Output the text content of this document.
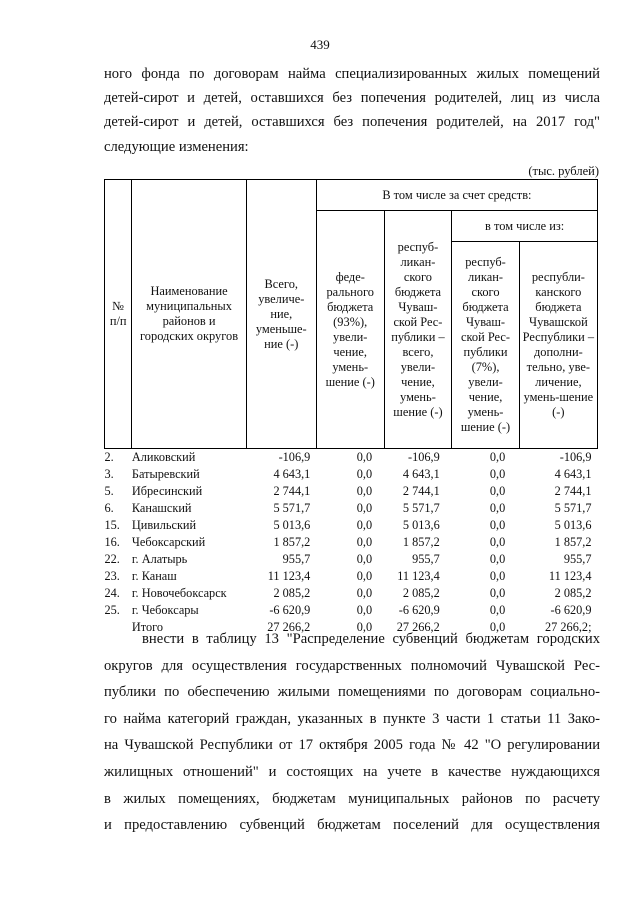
439
ного фонда по договорам найма специализированных жилых помещений
детей-сирот и детей, оставшихся без попечения родителей, лиц из числа
детей-сирот и детей, оставшихся без попечения родителей, на 2017 год"
следующие изменения:
(тыс. рублей)
№ п/п	Наименование муниципальных районов и городских округов	Всего, увеличе-ние, уменьше-ние (-)	В том числе за счет средств:			
			феде-рального бюджета (93%), увели-чение, умень-шение (-)	респуб-ликан-ского бюджета Чуваш-ской Рес-публики – всего, увели-чение, умень-шение (-)	в том числе из:	
					респуб-ликан-ского бюджета Чуваш-ской Рес-публики (7%), увели-чение, умень-шение (-)	республи-канского бюджета Чувашской Республики – дополни-тельно, уве-личение, умень-шение (-)
2.	Аликовский	-106,9	0,0	-106,9	0,0	-106,9
3.	Батыревский	4 643,1	0,0	4 643,1	0,0	4 643,1
5.	Ибресинский	2 744,1	0,0	2 744,1	0,0	2 744,1
6.	Канашский	5 571,7	0,0	5 571,7	0,0	5 571,7
15.	Цивильский	5 013,6	0,0	5 013,6	0,0	5 013,6
16.	Чебоксарский	1 857,2	0,0	1 857,2	0,0	1 857,2
22.	г. Алатырь	955,7	0,0	955,7	0,0	955,7
23.	г. Канаш	11 123,4	0,0	11 123,4	0,0	11 123,4
24.	г. Новочебоксарск	2 085,2	0,0	2 085,2	0,0	2 085,2
25.	г. Чебоксары	-6 620,9	0,0	-6 620,9	0,0	-6 620,9
	Итого	27 266,2	0,0	27 266,2	0,0	27 266,2;
внести в таблицу 13 "Распределение субвенций бюджетам городских
округов для осуществления государственных полномочий Чувашской Рес-
публики по обеспечению жилыми помещениями по договорам социально-
го найма категорий граждан, указанных в пункте 3 части 1 статьи 11 Зако-
на Чувашской Республики от 17 октября 2005 года № 42 "О регулировании
жилищных отношений" и состоящих на учете в качестве нуждающихся
в жилых помещениях, бюджетам муниципальных районов по расчету
и предоставлению субвенций бюджетам поселений для осуществления
